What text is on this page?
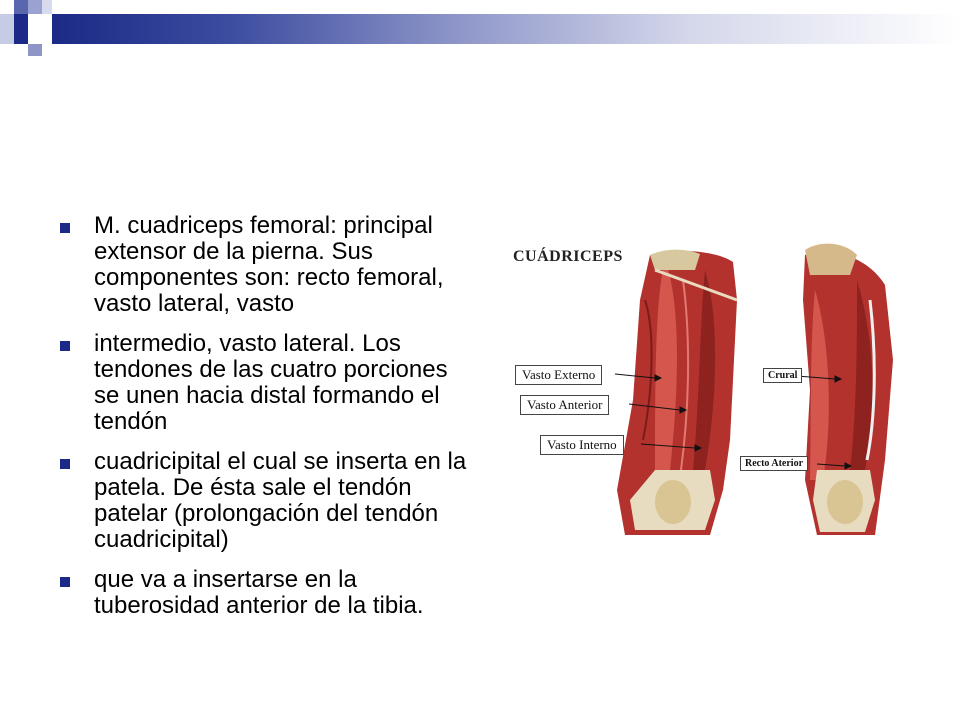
M. cuadriceps femoral: principal extensor de la pierna. Sus componentes son: recto femoral, vasto lateral, vasto
intermedio, vasto lateral. Los tendones de las cuatro porciones se unen hacia distal formando el tendón
cuadricipital el cual se inserta en la patela. De ésta sale el tendón patelar (prolongación del tendón cuadricipital)
que va a insertarse en la tuberosidad anterior de la tibia.
CUÁDRICEPS
Vasto Externo
Vasto Anterior
Vasto Interno
Crural
Recto Aterior
